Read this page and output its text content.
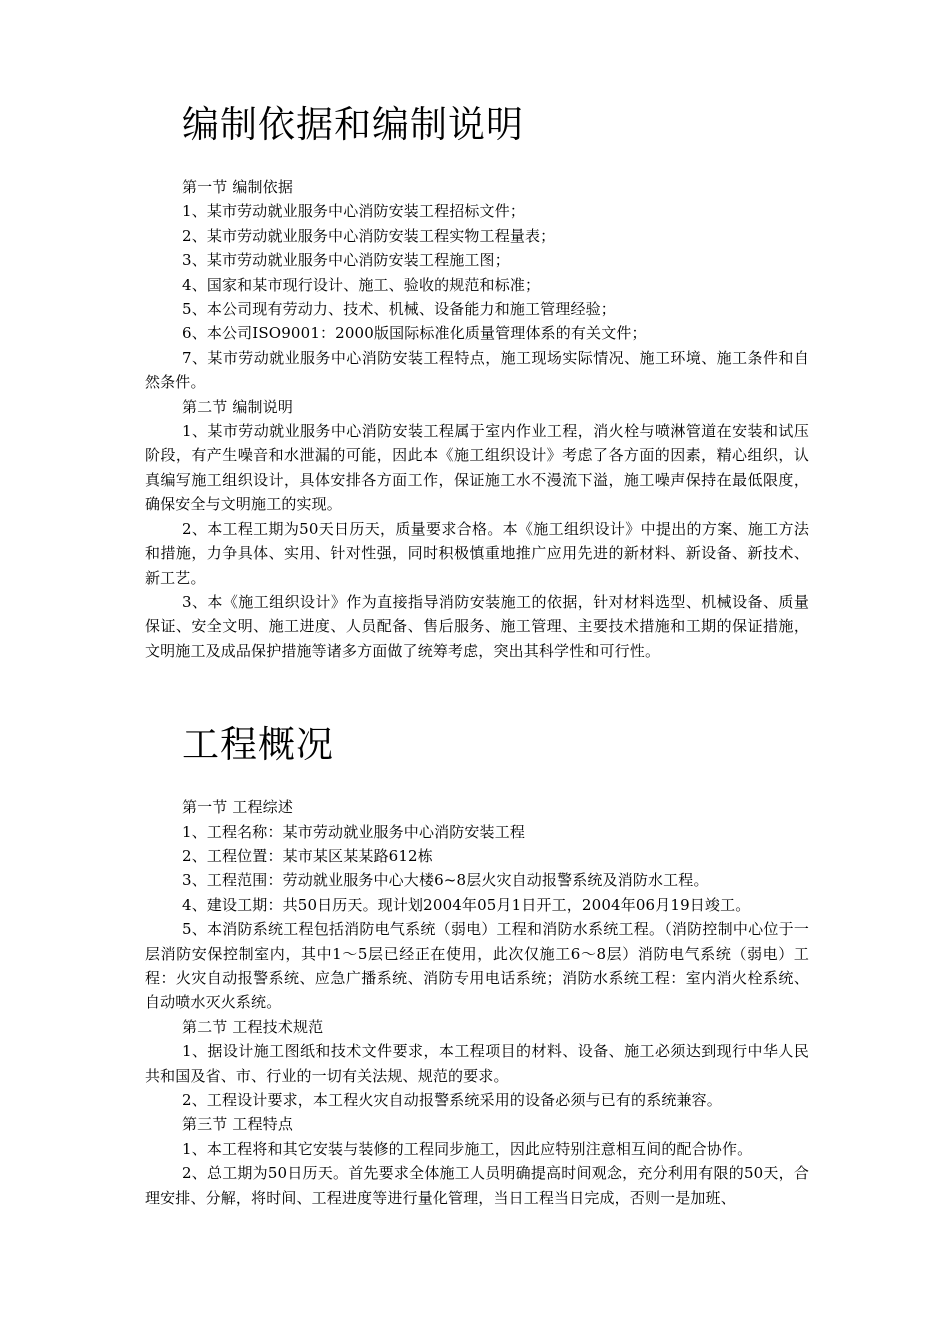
编制依据和编制说明

第一节 编制依据

1、某市劳动就业服务中心消防安装工程招标文件；

2、某市劳动就业服务中心消防安装工程实物工程量表；

3、某市劳动就业服务中心消防安装工程施工图；

4、国家和某市现行设计、施工、验收的规范和标准；

5、本公司现有劳动力、技术、机械、设备能力和施工管理经验；

6、本公司ISO9001：2000版国际标准化质量管理体系的有关文件；

7、某市劳动就业服务中心消防安装工程特点，施工现场实际情况、施工环境、施工条件和自然条件。

第二节 编制说明

1、某市劳动就业服务中心消防安装工程属于室内作业工程，消火栓与喷淋管道在安装和试压阶段，有产生噪音和水泄漏的可能，因此本《施工组织设计》考虑了各方面的因素，精心组织，认真编写施工组织设计，具体安排各方面工作，保证施工水不漫流下溢，施工噪声保持在最低限度，确保安全与文明施工的实现。

2、本工程工期为50天日历天，质量要求合格。本《施工组织设计》中提出的方案、施工方法和措施，力争具体、实用、针对性强，同时积极慎重地推广应用先进的新材料、新设备、新技术、新工艺。

3、本《施工组织设计》作为直接指导消防安装施工的依据，针对材料选型、机械设备、质量保证、安全文明、施工进度、人员配备、售后服务、施工管理、主要技术措施和工期的保证措施，文明施工及成品保护措施等诸多方面做了统筹考虑，突出其科学性和可行性。

工程概况

第一节 工程综述

1、工程名称：某市劳动就业服务中心消防安装工程

2、工程位置：某市某区某某路612栋

3、工程范围：劳动就业服务中心大楼6~8层火灾自动报警系统及消防水工程。

4、建设工期：共50日历天。现计划2004年05月1日开工，2004年06月19日竣工。

5、本消防系统工程包括消防电气系统（弱电）工程和消防水系统工程。（消防控制中心位于一层消防安保控制室内，其中1～5层已经正在使用，此次仅施工6～8层）消防电气系统（弱电）工程：火灾自动报警系统、应急广播系统、消防专用电话系统；消防水系统工程：室内消火栓系统、自动喷水灭火系统。

第二节 工程技术规范

1、据设计施工图纸和技术文件要求，本工程项目的材料、设备、施工必须达到现行中华人民共和国及省、市、行业的一切有关法规、规范的要求。

2、工程设计要求，本工程火灾自动报警系统采用的设备必须与已有的系统兼容。

第三节 工程特点

1、本工程将和其它安装与装修的工程同步施工，因此应特别注意相互间的配合协作。

2、总工期为50日历天。首先要求全体施工人员明确提高时间观念，充分利用有限的50天，合理安排、分解，将时间、工程进度等进行量化管理，当日工程当日完成，否则一是加班、
